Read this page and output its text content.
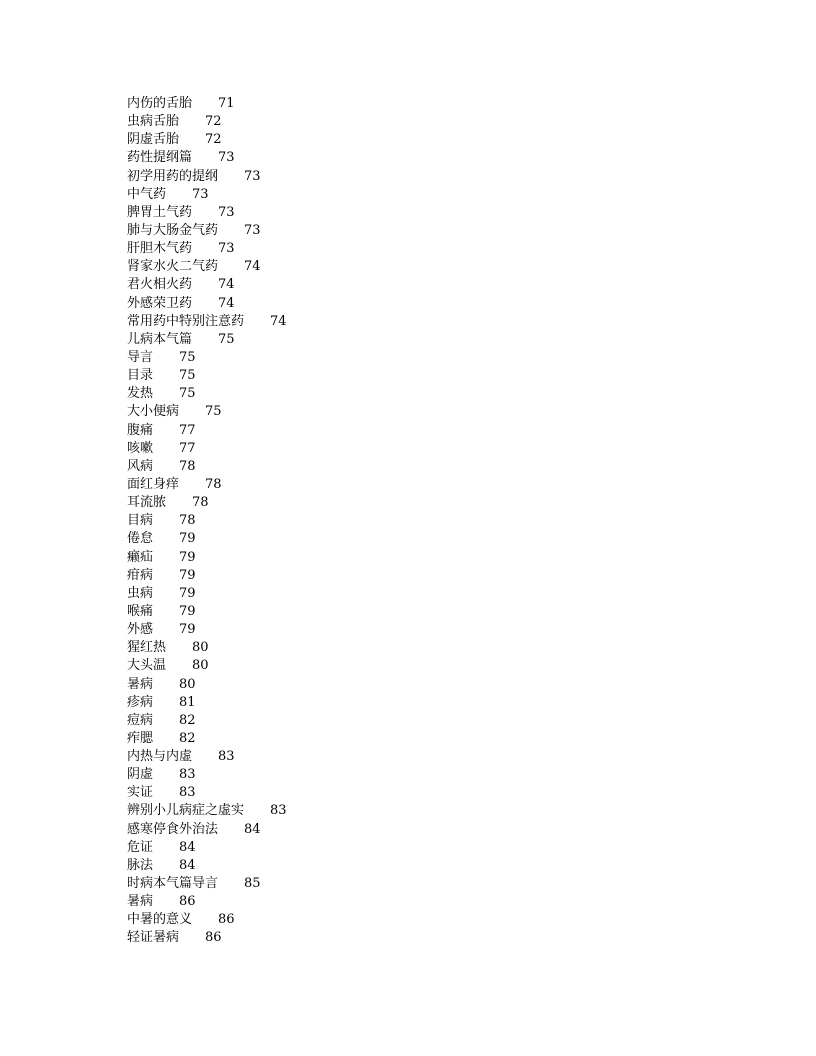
内伤的舌胎　　 71
虫病舌胎　　 72
阴虚舌胎　　 72
药性提纲篇　　 73
初学用药的提纲　　 73
中气药　　 73
脾胃土气药　　 73
肺与大肠金气药　　 73
肝胆木气药　　 73
肾家水火二气药　　 74
君火相火药　　 74
外感荣卫药　　 74
常用药中特别注意药　　 74
儿病本气篇　　 75
导言　　 75
目录　　 75
发热　　 75
大小便病　　 75
腹痛　　 77
咳嗽　　 77
风病　　 78
面红身痒　　 78
耳流脓　　 78
目病　　 78
倦怠　　 79
癞疝　　 79
疳病　　 79
虫病　　 79
喉痛　　 79
外感　　 79
猩红热　　 80
大头温　　 80
暑病　　 80
疹病　　 81
痘病　　 82
痄腮　　 82
内热与内虚　　 83
阴虚　　 83
实证　　 83
辨别小儿病症之虚实　　 83
感寒停食外治法　　 84
危证　　 84
脉法　　 84
时病本气篇导言　　 85
暑病　　 86
中暑的意义　　 86
轻证暑病　　 86
